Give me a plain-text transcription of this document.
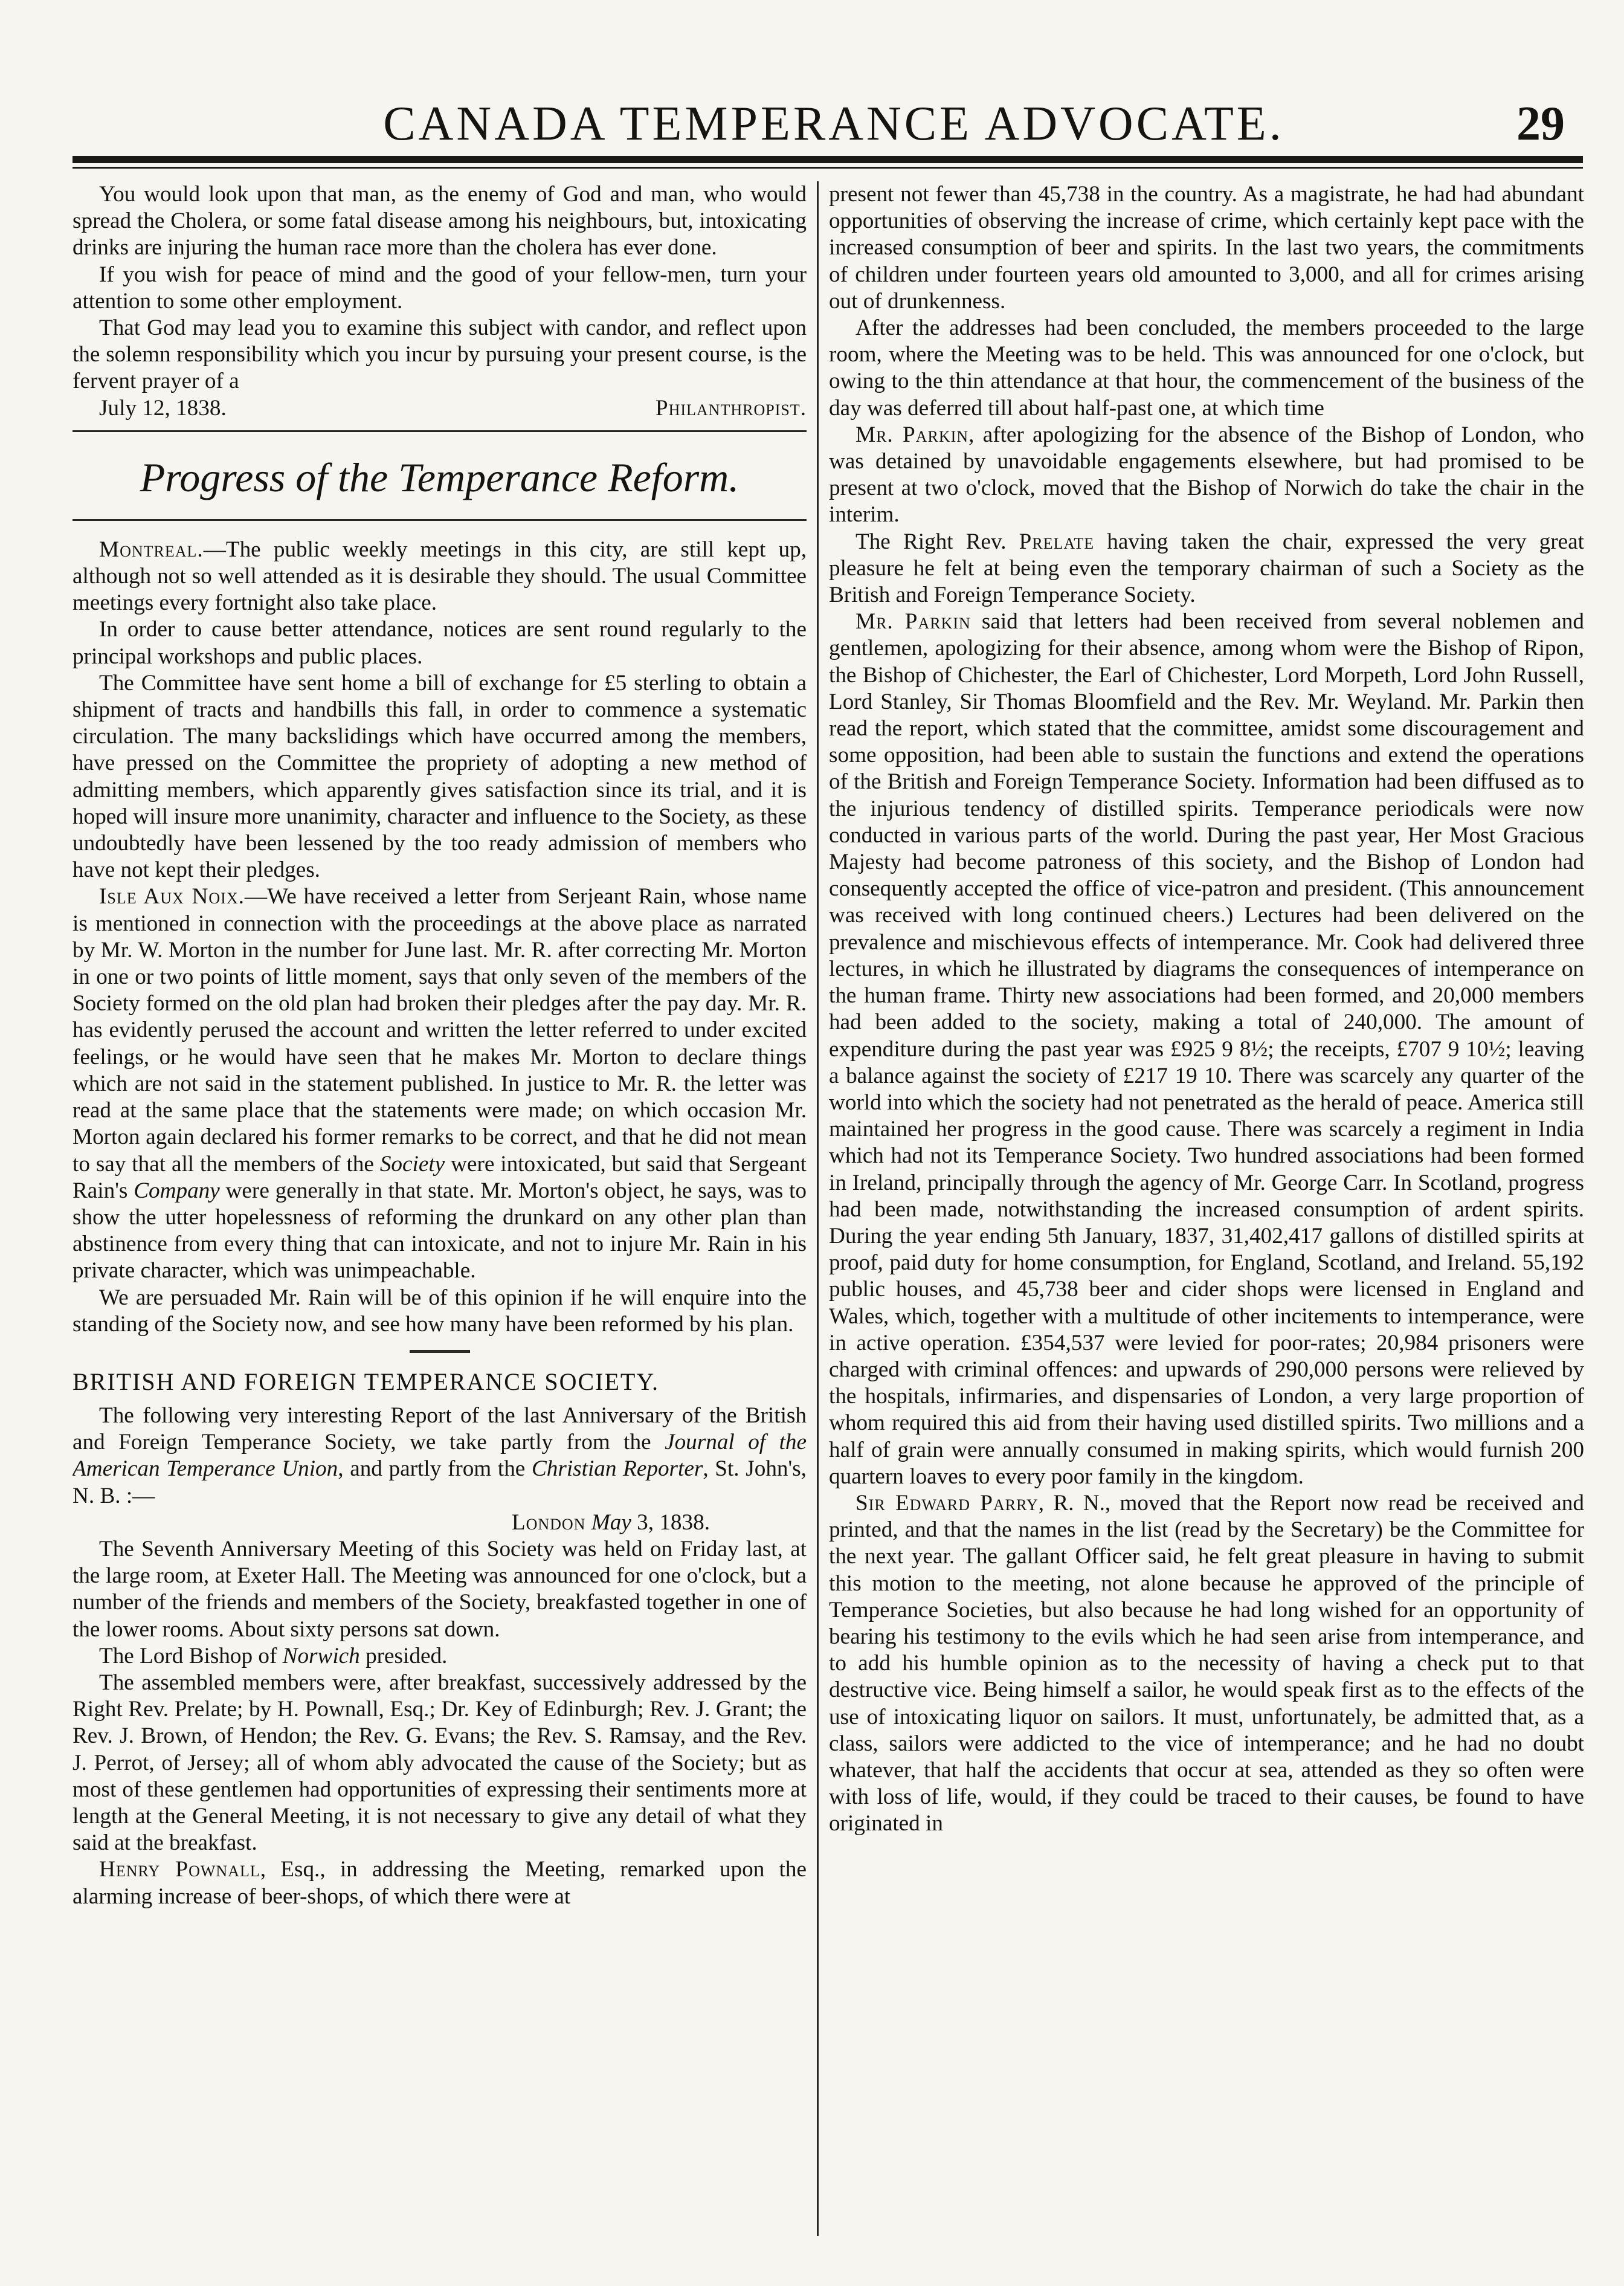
CANADA TEMPERANCE ADVOCATE.	29

You would look upon that man, as the enemy of God and man, who would spread the Cholera, or some fatal disease among his neighbours, but, intoxicating drinks are injuring the human race more than the cholera has ever done.

If you wish for peace of mind and the good of your fellow-men, turn your attention to some other employment.

That God may lead you to examine this subject with candor, and reflect upon the solemn responsibility which you incur by pursuing your present course, is the fervent prayer of a

July 12, 1838.	Philanthropist.

Progress of the Temperance Reform.

Montreal.—The public weekly meetings in this city, are still kept up, although not so well attended as it is desirable they should. The usual Committee meetings every fortnight also take place.

In order to cause better attendance, notices are sent round regularly to the principal workshops and public places.

The Committee have sent home a bill of exchange for £5 sterling to obtain a shipment of tracts and handbills this fall, in order to commence a systematic circulation. The many backslidings which have occurred among the members, have pressed on the Committee the propriety of adopting a new method of admitting members, which apparently gives satisfaction since its trial, and it is hoped will insure more unanimity, character and influence to the Society, as these undoubtedly have been lessened by the too ready admission of members who have not kept their pledges.

Isle Aux Noix.—We have received a letter from Serjeant Rain, whose name is mentioned in connection with the proceedings at the above place as narrated by Mr. W. Morton in the number for June last. Mr. R. after correcting Mr. Morton in one or two points of little moment, says that only seven of the members of the Society formed on the old plan had broken their pledges after the pay day. Mr. R. has evidently perused the account and written the letter referred to under excited feelings, or he would have seen that he makes Mr. Morton to declare things which are not said in the statement published. In justice to Mr. R. the letter was read at the same place that the statements were made; on which occasion Mr. Morton again declared his former remarks to be correct, and that he did not mean to say that all the members of the Society were intoxicated, but said that Sergeant Rain's Company were generally in that state. Mr. Morton's object, he says, was to show the utter hopelessness of reforming the drunkard on any other plan than abstinence from every thing that can intoxicate, and not to injure Mr. Rain in his private character, which was unimpeachable.

We are persuaded Mr. Rain will be of this opinion if he will enquire into the standing of the Society now, and see how many have been reformed by his plan.

BRITISH AND FOREIGN TEMPERANCE SOCIETY.

The following very interesting Report of the last Anniversary of the British and Foreign Temperance Society, we take partly from the Journal of the American Temperance Union, and partly from the Christian Reporter, St. John's, N. B. :—

London May 3, 1838.

The Seventh Anniversary Meeting of this Society was held on Friday last, at the large room, at Exeter Hall. The Meeting was announced for one o'clock, but a number of the friends and members of the Society, breakfasted together in one of the lower rooms. About sixty persons sat down.

The Lord Bishop of Norwich presided.

The assembled members were, after breakfast, successively addressed by the Right Rev. Prelate; by H. Pownall, Esq.; Dr. Key of Edinburgh; Rev. J. Grant; the Rev. J. Brown, of Hendon; the Rev. G. Evans; the Rev. S. Ramsay, and the Rev. J. Perrot, of Jersey; all of whom ably advocated the cause of the Society; but as most of these gentlemen had opportunities of expressing their sentiments more at length at the General Meeting, it is not necessary to give any detail of what they said at the breakfast.

Henry Pownall, Esq., in addressing the Meeting, remarked upon the alarming increase of beer-shops, of which there were at

present not fewer than 45,738 in the country. As a magistrate, he had had abundant opportunities of observing the increase of crime, which certainly kept pace with the increased consumption of beer and spirits. In the last two years, the commitments of children under fourteen years old amounted to 3,000, and all for crimes arising out of drunkenness.

After the addresses had been concluded, the members proceeded to the large room, where the Meeting was to be held. This was announced for one o'clock, but owing to the thin attendance at that hour, the commencement of the business of the day was deferred till about half-past one, at which time

Mr. Parkin, after apologizing for the absence of the Bishop of London, who was detained by unavoidable engagements elsewhere, but had promised to be present at two o'clock, moved that the Bishop of Norwich do take the chair in the interim.

The Right Rev. Prelate having taken the chair, expressed the very great pleasure he felt at being even the temporary chairman of such a Society as the British and Foreign Temperance Society.

Mr. Parkin said that letters had been received from several noblemen and gentlemen, apologizing for their absence, among whom were the Bishop of Ripon, the Bishop of Chichester, the Earl of Chichester, Lord Morpeth, Lord John Russell, Lord Stanley, Sir Thomas Bloomfield and the Rev. Mr. Weyland. Mr. Parkin then read the report, which stated that the committee, amidst some discouragement and some opposition, had been able to sustain the functions and extend the operations of the British and Foreign Temperance Society. Information had been diffused as to the injurious tendency of distilled spirits. Temperance periodicals were now conducted in various parts of the world. During the past year, Her Most Gracious Majesty had become patroness of this society, and the Bishop of London had consequently accepted the office of vice-patron and president. (This announcement was received with long continued cheers.) Lectures had been delivered on the prevalence and mischievous effects of intemperance. Mr. Cook had delivered three lectures, in which he illustrated by diagrams the consequences of intemperance on the human frame. Thirty new associations had been formed, and 20,000 members had been added to the society, making a total of 240,000. The amount of expenditure during the past year was £925 9 8½; the receipts, £707 9 10½; leaving a balance against the society of £217 19 10. There was scarcely any quarter of the world into which the society had not penetrated as the herald of peace. America still maintained her progress in the good cause. There was scarcely a regiment in India which had not its Temperance Society. Two hundred associations had been formed in Ireland, principally through the agency of Mr. George Carr. In Scotland, progress had been made, notwithstanding the increased consumption of ardent spirits. During the year ending 5th January, 1837, 31,402,417 gallons of distilled spirits at proof, paid duty for home consumption, for England, Scotland, and Ireland. 55,192 public houses, and 45,738 beer and cider shops were licensed in England and Wales, which, together with a multitude of other incitements to intemperance, were in active operation. £354,537 were levied for poor-rates; 20,984 prisoners were charged with criminal offences: and upwards of 290,000 persons were relieved by the hospitals, infirmaries, and dispensaries of London, a very large proportion of whom required this aid from their having used distilled spirits. Two millions and a half of grain were annually consumed in making spirits, which would furnish 200 quartern loaves to every poor family in the kingdom.

Sir Edward Parry, R. N., moved that the Report now read be received and printed, and that the names in the list (read by the Secretary) be the Committee for the next year. The gallant Officer said, he felt great pleasure in having to submit this motion to the meeting, not alone because he approved of the principle of Temperance Societies, but also because he had long wished for an opportunity of bearing his testimony to the evils which he had seen arise from intemperance, and to add his humble opinion as to the necessity of having a check put to that destructive vice. Being himself a sailor, he would speak first as to the effects of the use of intoxicating liquor on sailors. It must, unfortunately, be admitted that, as a class, sailors were addicted to the vice of intemperance; and he had no doubt whatever, that half the accidents that occur at sea, attended as they so often were with loss of life, would, if they could be traced to their causes, be found to have originated in
